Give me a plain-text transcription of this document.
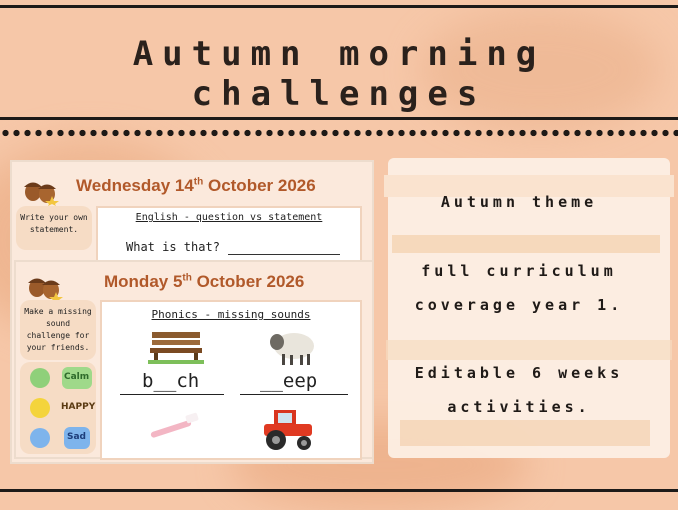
Autumn morning challenges
Wednesday 14th October 2026
Write your own statement.
English - question vs statement
What is that?
Monday 5th October 2026
Make a missing sound challenge for your friends.
Calm
HAPPY
Sad
Phonics - missing sounds
b__ch	__eep
Autumn theme
full curriculum
coverage year 1.
Editable 6 weeks
activities.
